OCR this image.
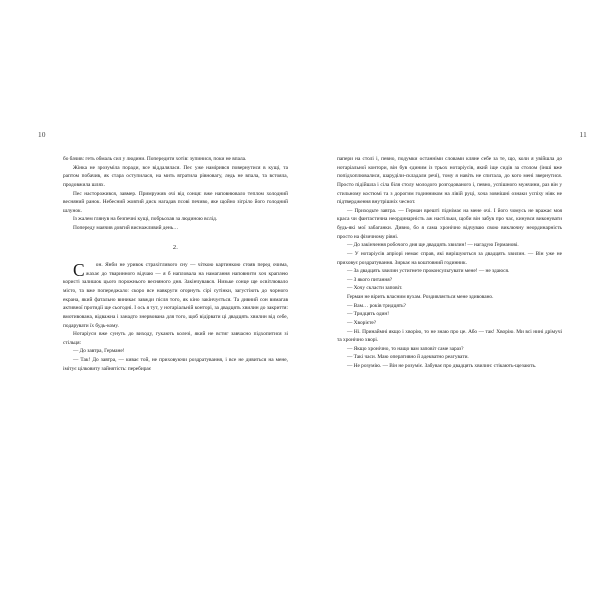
10

бо бачив: геть обмаль сил у людини. Попередити хотів: зупинися, поки не впала.

Жінка не зрозуміла поради, все віддалялася. Пес уже намірився повернутися в кущі, та раптом побачив, як стара оступилася, на мить втратила рівновагу, ледь не впала, та встояла, продовжила шлях.

Пес насторожився, завмер. Примружив очі від сонця: вже наповнювало теплом холодний весняний ранок. Небесний жовтий диск нагадав псові печиво, яке щойно зігріло його голодний шлунок.

Із жалем глянув на безпечні кущі, побрьохав за людиною вслід.

Попереду маячив довгий виснажливий день…

2.

С он. Янби не уривок страхітливого сну — чіткою картинкою стояв перед очима, жахає до тваринного відчаю — я б напловала на намагання наповнити хоч краплею користі залишок цього порожнього весняного дня. Закінчувався. Низьке сонце ще освітлювало місто, та вже попереджало: скоро все навкруги огорнуть сірі сутінки, загустіють до чорного екрана, який фатально виникає завжди після того, як кіно закінчується. Та дивний сон вимагав активної протидії ще сьогодні. І ось я тут, у нотаріальній конторі, за двадцять хвилин до закриття: вмотивована, відважна і занадто знервована для того, щоб відірвати ці двадцять хвилин від себе, подарувати їх будь-кому.

Нотаріуси вже сунуть до виходу, гукають колезі, який не встиг завчасно підхопитися зі стільця:

— До завтра, Германе!

— Так! До завтра, — киває той, не приховуючи роздратування, і все не дивиться на мене, імітує цілковиту зайнятість: перебирає

11

папери на столі і, певно, подумки останніми словами кляне себе за те, що, коли я увійшла до нотаріальної контори, він був єдиним із трьох нотаріусів, який іще сидів за столом (інші вже попідхоплювалися, шаруділи-складали речі), тому я навіть не спитала, до кого мені звернутися. Просто підійшла і сіла біля столу молодого розгодованого і, певно, успішного мужчини, раз він у стильному костюмі та з дорогим годинником на лівій руці, хоча зовнішні ознаки успіху ніяк не підтвердження внутрішніх чеснот.

— Приходьте завтра. — Герман врешті піднімає на мене очі. І його чомусь не вражає моя краса чи фантастична неординарність аж настільки, щоби він забув про час, кинувся виконувати будь-які мої забаганки. Дивно, бо я сама хронічно відчуваю свою виключну неординарність просто на фізичному рівні.

— До закінчення робочого дня ще двадцять хвилин! — нагадую Германові.

— У нотаріусів апріорі немає справ, які вирішуються за двадцять хвилин. — Він уже не приховує роздратування. Зиркає на коштовний годинник.

— За двадцять хвилин устигнете проконсультувати мене! — не здаюся.

— З якого питання?

— Хочу скласти заповіт.

Герман не вірить власним вухам. Роздивляється мене здивовано.

— Вам… років тридцять?

— Тридцять один!

— Хворієте?

— Ні. Принаймні якщо і хворію, то не знаю про це. Або — так! Хворію. Ми всі нині дрімучі та хронічно хворі.

— Якщо хронічно, то нащо вам заповіт саме зараз?

— Такі часи. Маю оперативно й адекватно реагувати.

— Не розумію. — Він не розуміє. Забуває про двадцять хвилин: стікають-щезають.
